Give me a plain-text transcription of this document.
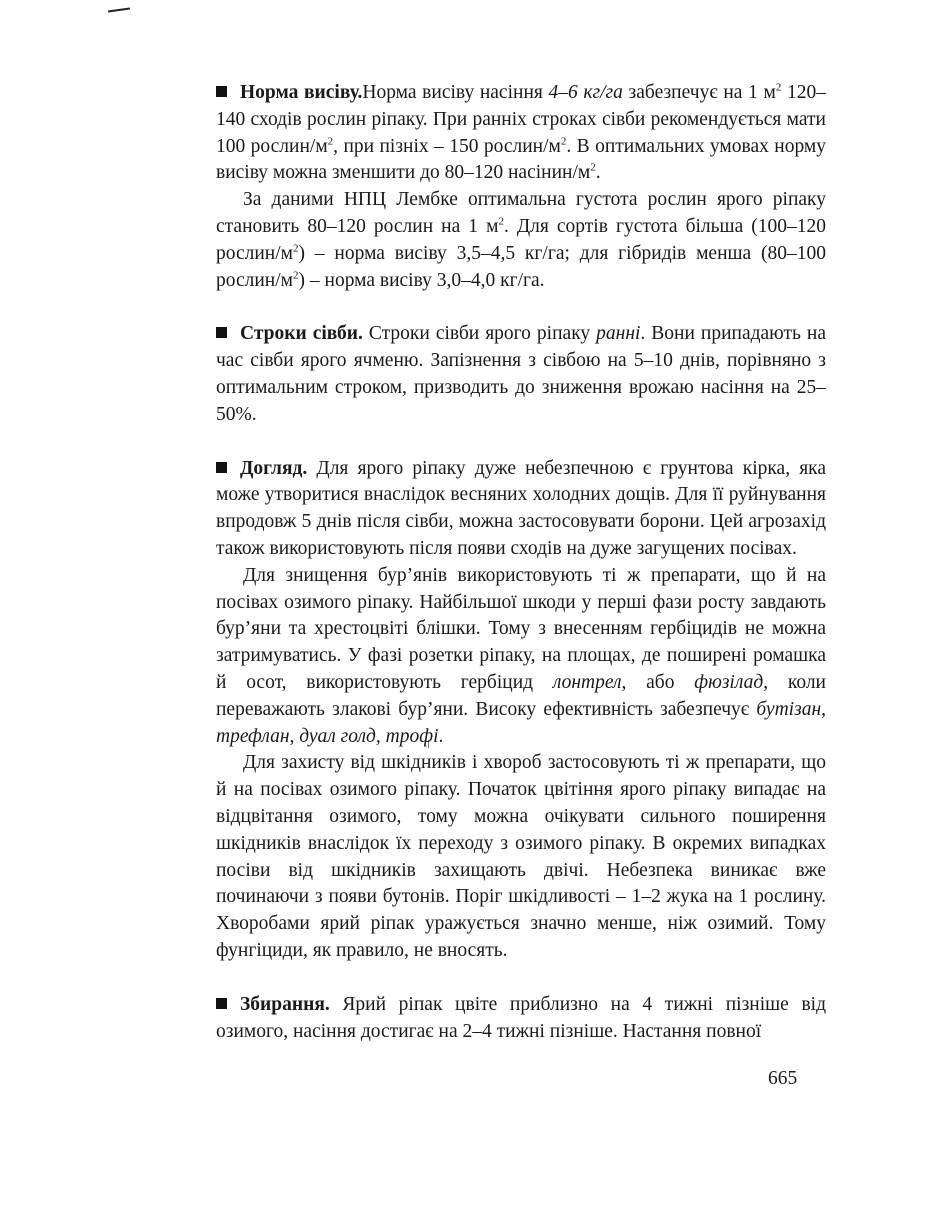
Норма висіву.Норма висіву насіння 4–6 кг/га забезпечує на 1 $м^2$ 120–140 сходів рослин ріпаку. При ранніх строках сівби рекомендується мати 100 рослин/$м^2$, при пізніх – 150 рослин/$м^2$. В оптимальних умовах норму висіву можна зменшити до 80–120 насінин/$м^2$.

За даними НПЦ Лембке оптимальна густота рослин ярого ріпаку становить 80–120 рослин на 1 $м^2$. Для сортів густота більша (100–120 рослин/$м^2$) – норма висіву 3,5–4,5 кг/га; для гібридів менша (80–100 рослин/$м^2$) – норма висіву 3,0–4,0 кг/га.

Строки сівби. Строки сівби ярого ріпаку ранні. Вони припадають на час сівби ярого ячменю. Запізнення з сівбою на 5–10 днів, порівняно з оптимальним строком, призводить до зниження врожаю насіння на 25–50%.

Догляд. Для ярого ріпаку дуже небезпечною є грунтова кірка, яка може утворитися внаслідок весняних холодних дощів. Для її руйнування впродовж 5 днів після сівби, можна застосовувати борони. Цей агрозахід також використовують після появи сходів на дуже загущених посівах.

Для знищення бур’янів використовують ті ж препарати, що й на посівах озимого ріпаку. Найбільшої шкоди у перші фази росту завдають бур’яни та хрестоцвіті блішки. Тому з внесенням гербіцидів не можна затримуватись. У фазі розетки ріпаку, на площах, де поширені ромашка й осот, використовують гербіцид лонтрел, або фюзілад, коли переважають злакові бур’яни. Високу ефективність забезпечує бутізан, трефлан, дуал голд, трофі.

Для захисту від шкідників і хвороб застосовують ті ж препарати, що й на посівах озимого ріпаку. Початок цвітіння ярого ріпаку випадає на відцвітання озимого, тому можна очікувати сильного поширення шкідників внаслідок їх переходу з озимого ріпаку. В окремих випадках посіви від шкідників захищають двічі. Небезпека виникає вже починаючи з появи бутонів. Поріг шкідливості – 1–2 жука на 1 рослину. Хворобами ярий ріпак уражується значно менше, ніж озимий. Тому фунгіциди, як правило, не вносять.

Збирання. Ярий ріпак цвіте приблизно на 4 тижні пізніше від озимого, насіння достигає на 2–4 тижні пізніше. Настання повної

665
